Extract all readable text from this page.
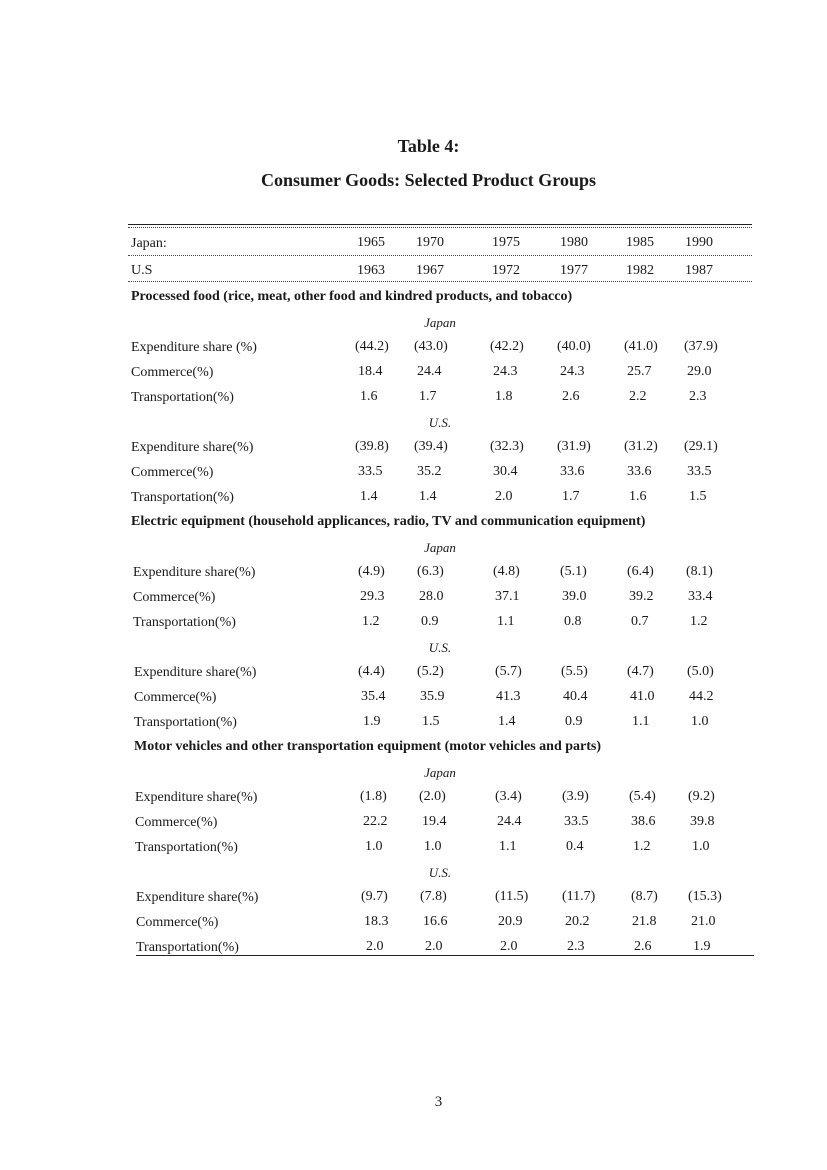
Table 4:
Consumer Goods: Selected Product Groups
Japan:	1965 1970	1975	1980	1985 1990
U.S	1963 1967	1972	1977	1982 1987
Processed food (rice, meat, other food and kindred products, and tobacco)
Japan
Expenditure share (%)	(44.2) (43.0)	(42.2) (40.0) (41.0) (37.9)
Commerce(%)	18.4 24.4	24.3	24.3	25.7	29.0
Transportation(%)	1.6	1.7	1.8	2.6	2.2	2.3
U.S.
Expenditure share(%)	(39.8) (39.4)	(32.3) (31.9) (31.2) (29.1)
Commerce(%)	33.5 35.2	30.4	33.6	33.6	33.5
Transportation(%)	1.4	1.4	2.0	1.7	1.6	1.5
Electric equipment (household applicances, radio, TV and communication equipment)
Japan
Expenditure share(%)	(4.9) (6.3)	(4.8)	(5.1)	(6.4) (8.1)
Commerce(%)	29.3 28.0	37.1	39.0	39.2 33.4
Transportation(%)	1.2	0.9	1.1	0.8	0.7	1.2
U.S.
Expenditure share(%)	(4.4) (5.2)	(5.7)	(5.5)	(4.7) (5.0)
Commerce(%)	35.4 35.9	41.3	40.4	41.0 44.2
Transportation(%)	1.9	1.5	1.4	0.9	1.1	1.0
Motor vehicles and other transportation equipment (motor vehicles and parts)
Japan
Expenditure share(%)	(1.8) (2.0)	(3.4)	(3.9)	(5.4) (9.2)
Commerce(%)	22.2 19.4	24.4	33.5	38.6 39.8
Transportation(%)	1.0	1.0	1.1	0.4	1.2	1.0
U.S.
Expenditure share(%)	(9.7) (7.8)	(11.5) (11.7)	(8.7) (15.3)
Commerce(%)	18.3 16.6	20.9	20.2	21.8 21.0
Transportation(%)	2.0	2.0	2.0	2.3	2.6	1.9
3
